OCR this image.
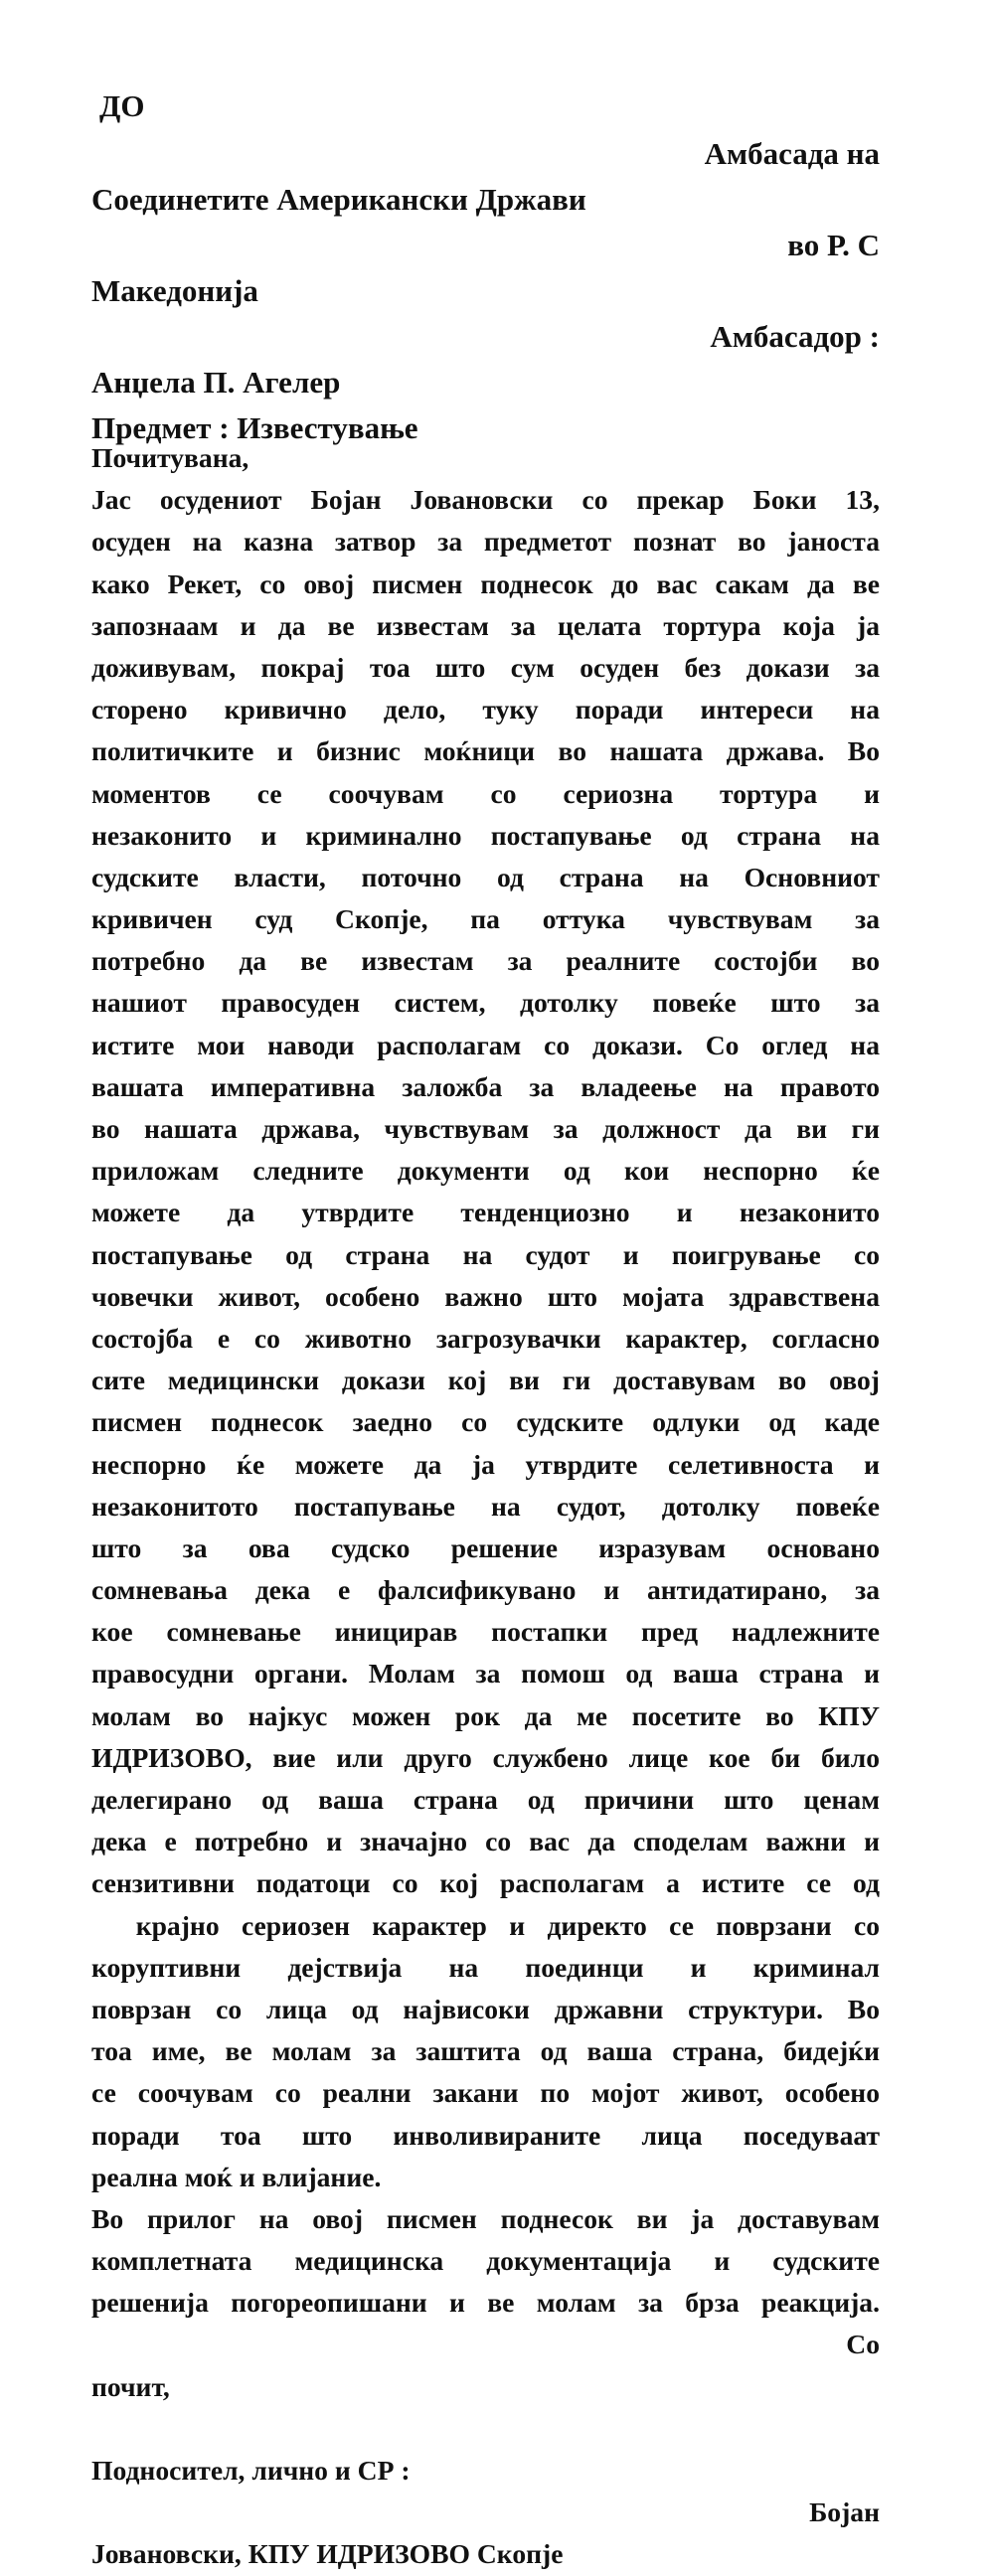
ДО
Амбасада на
Соединетите Американски Држави
во Р. С
Македонија
Амбасадор :
Анџела П. Агелер
Предмет : Известување
Почитувана,
Јас осудениот Бојан Јовановски со прекар Боки 13,
осуден на казна затвор за предметот познат во јаноста
како Рекет, со овој писмен поднесок до вас сакам да ве
запознаам и да ве известам за целата тортура која ја
доживувам, покрај тоа што сум осуден без докази за
сторено кривично дело, туку поради интереси на
политичките и бизнис моќници во нашата држава. Во
моментов се соочувам со сериозна тортура и
незаконито и криминално постапување од страна на
судските власти, поточно од страна на Основниот
кривичен суд Скопје, па оттука чувствувам за
потребно да ве известам за реалните состојби во
нашиот правосуден систем, дотолку повеќе што за
истите мои наводи располагам со докази. Со оглед на
вашата императивна заложба за владеење на правото
во нашата држава, чувствувам за должност да ви ги
приложам следните документи од кои неспорно ќе
можете да утврдите тенденциозно и незаконито
постапување од страна на судот и поигрување со
човечки живот, особено важно што мојата здравствена
состојба е со животно загрозувачки карактер, согласно
сите медицински докази кој ви ги доставувам во овој
писмен поднесок заедно со судските одлуки од каде
неспорно ќе можете да ја утврдите селетивноста и
незаконитото постапување на судот, дотолку повеќе
што за ова судско решение изразувам основано
сомневања дека е фалсификувано и антидатирано, за
кое сомневање иницирав постапки пред надлежните
правосудни органи. Молам за помош од ваша страна и
молам во најкус можен рок да ме посетите во КПУ
ИДРИЗОВО, вие или друго службено лице кое би било
делегирано од ваша страна од причини што ценам
дека е потребно и значајно со вас да споделам важни и
сензитивни податоци со кој располагам а истите се од
крајно сериозен карактер и директо се поврзани со
коруптивни дејствија на поединци и криминал
поврзан со лица од највисоки државни структури. Во
тоа име, ве молам за заштита од ваша страна, бидејќи
се соочувам со реални закани по мојот живот, особено
поради тоа што инволивираните лица поседуваат
реална моќ и влијание.
Во прилог на овој писмен поднесок ви ја доставувам
комплетната медицинска документација и судските
решенија погореопишани и ве молам за брза реакција.
Со
почит,
Подносител, лично и СР :
Бојан
Јовановски, КПУ ИДРИЗОВО Скопје
